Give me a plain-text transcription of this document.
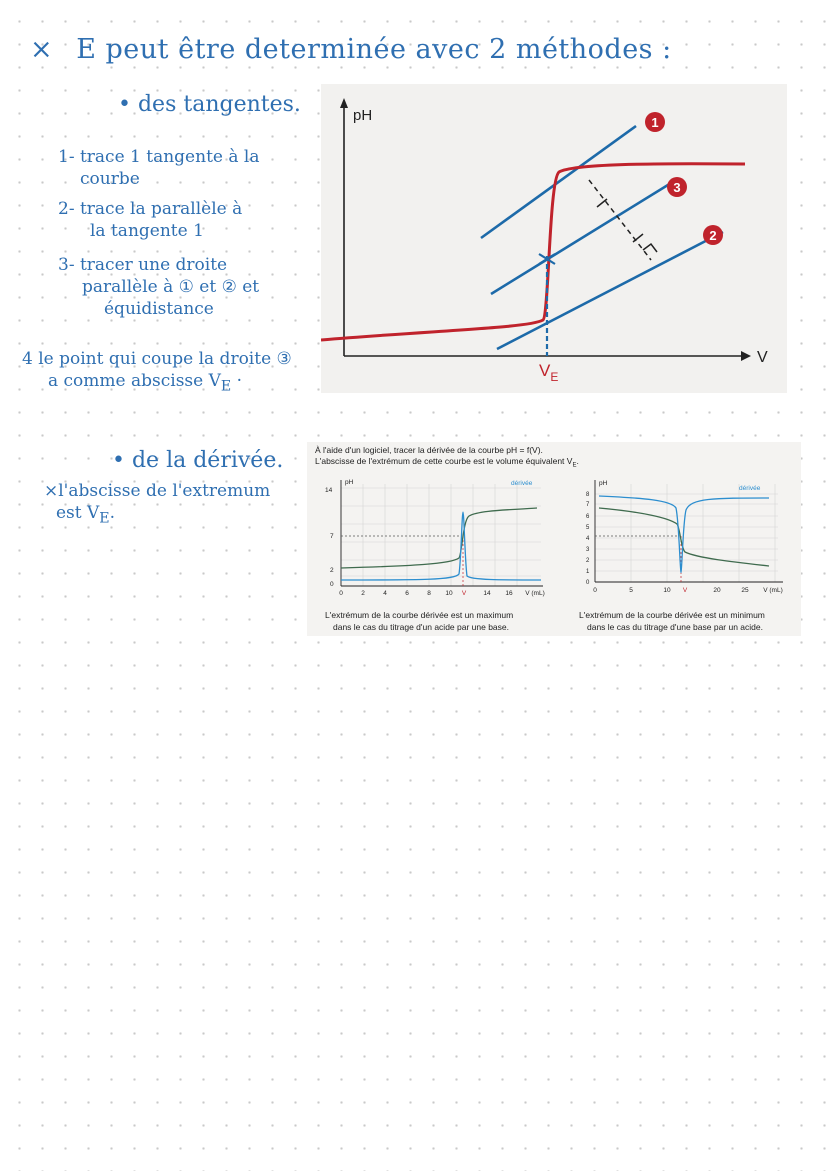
× E peut être determinée avec 2 méthodes :
• des tangentes.
1- trace 1 tangente à la
courbe
2- trace la parallèle à
la tangente 1
3- tracer une droite
parallèle à ① et ② et
équidistance
4 le point qui coupe la droite ③
a comme abscisse $V_E$ ·
pH
V
$V_E$
1
3
2
• de la dérivée.
×l'abscisse de l'extremum
est $V_E$.
À l'aide d'un logiciel, tracer la dérivée de la courbe pH = f(V).
L'abscisse de l'extrémum de cette courbe est le volume équivalent $V_E$.
pH	dérivée
14
7
2
0
0	2	4	6	8 10 V	14 16 V (mL)
L'extrémum de la courbe dérivée est un maximum
dans le cas du titrage d'un acide par une base.
pH
dérivée
8
7
6
5
4
3
2
1
0
0	5	10 V	20	25 V (mL)
L'extrémum de la courbe dérivée est un minimum
dans le cas du titrage d'une base par un acide.
